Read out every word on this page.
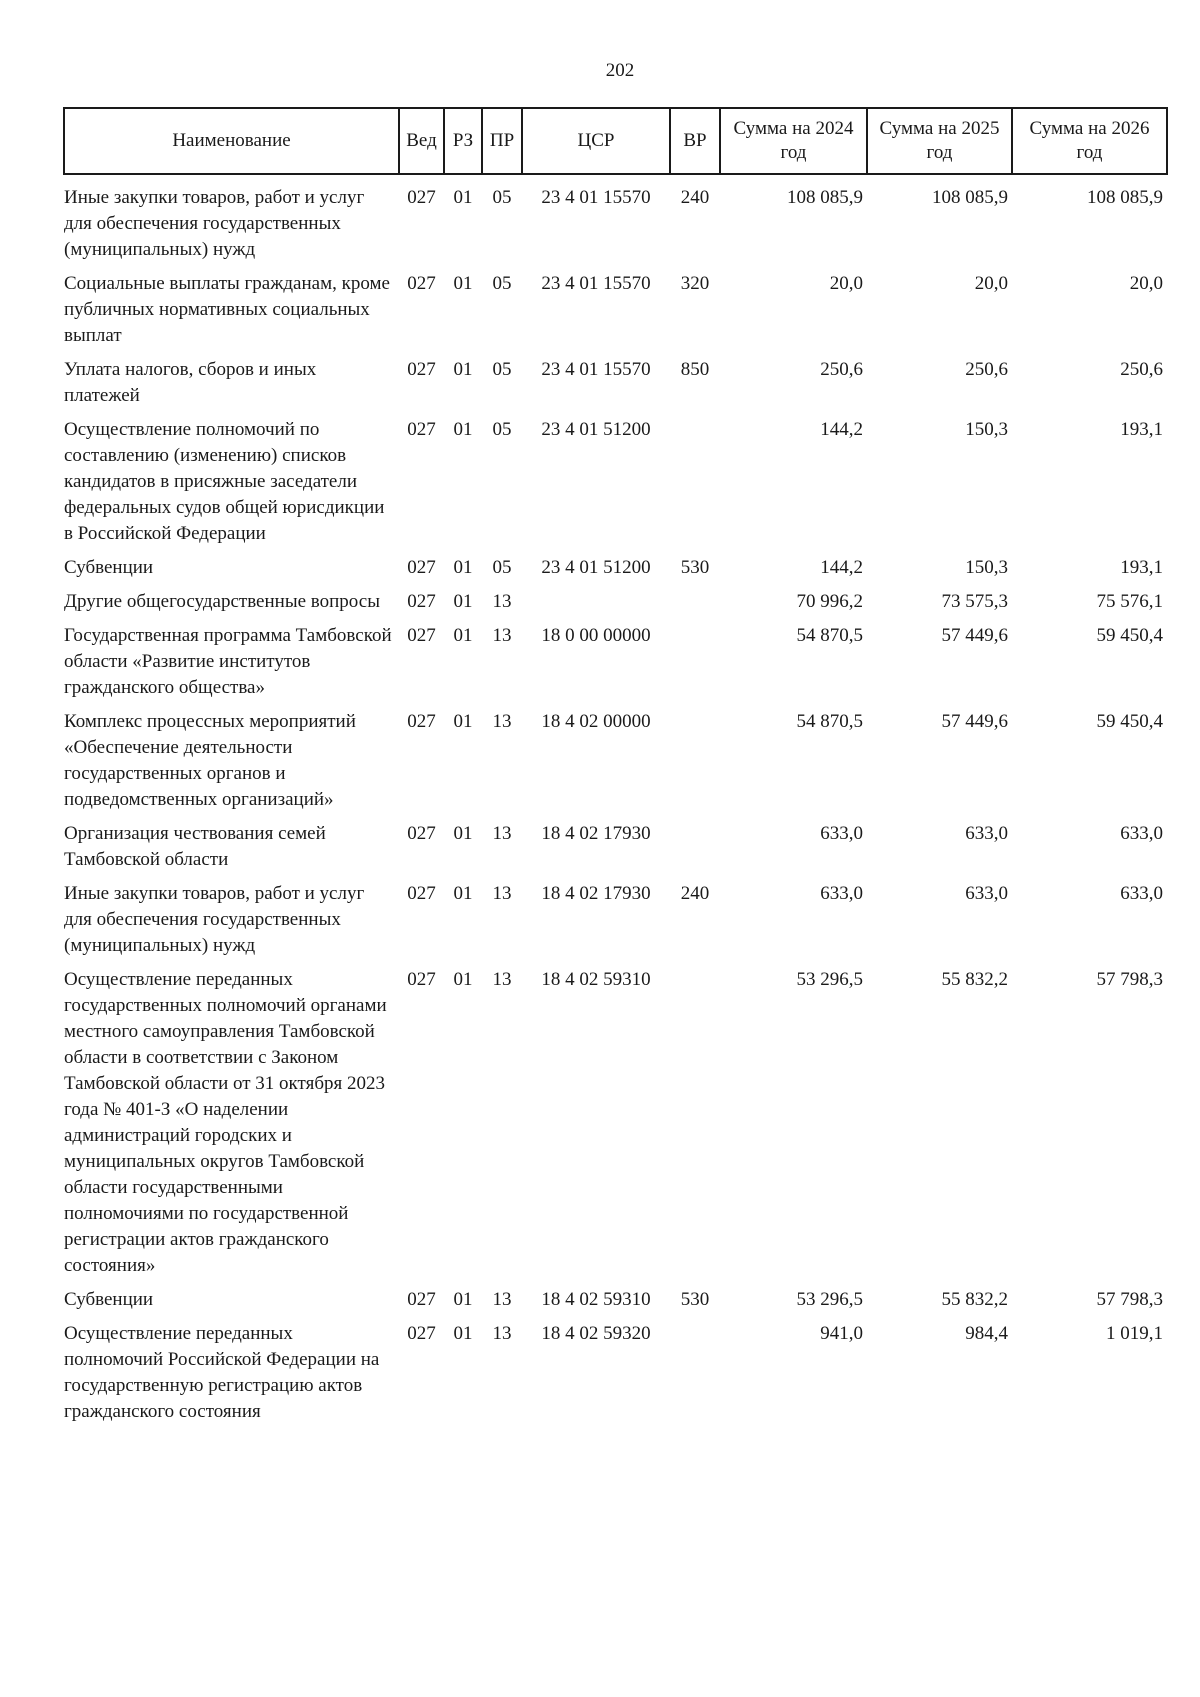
202
Наименование	Вед	РЗ	ПР	ЦСР	ВР	Сумма на 2024 год	Сумма на 2025 год	Сумма на 2026 год
Иные закупки товаров, работ и услуг для обеспечения государственных (муниципальных) нужд	027	01	05	23 4 01 15570	240	108 085,9	108 085,9	108 085,9
Социальные выплаты гражданам, кроме публичных нормативных социальных выплат	027	01	05	23 4 01 15570	320	20,0	20,0	20,0
Уплата налогов, сборов и иных платежей	027	01	05	23 4 01 15570	850	250,6	250,6	250,6
Осуществление полномочий по составлению (изменению) списков кандидатов в присяжные заседатели федеральных судов общей юрисдикции в Российской Федерации	027	01	05	23 4 01 51200		144,2	150,3	193,1
Субвенции	027	01	05	23 4 01 51200	530	144,2	150,3	193,1
Другие общегосударственные вопросы	027	01	13			70 996,2	73 575,3	75 576,1
Государственная программа Тамбовской области «Развитие институтов гражданского общества»	027	01	13	18 0 00 00000		54 870,5	57 449,6	59 450,4
Комплекс процессных мероприятий «Обеспечение деятельности государственных органов и подведомственных организаций»	027	01	13	18 4 02 00000		54 870,5	57 449,6	59 450,4
Организация чествования семей Тамбовской области	027	01	13	18 4 02 17930		633,0	633,0	633,0
Иные закупки товаров, работ и услуг для обеспечения государственных (муниципальных) нужд	027	01	13	18 4 02 17930	240	633,0	633,0	633,0
Осуществление переданных государственных полномочий органами местного самоуправления Тамбовской области в соответствии с Законом Тамбовской области от 31 октября 2023 года № 401-З «О наделении администраций городских и муниципальных округов Тамбовской области государственными полномочиями по государственной регистрации актов гражданского состояния»	027	01	13	18 4 02 59310		53 296,5	55 832,2	57 798,3
Субвенции	027	01	13	18 4 02 59310	530	53 296,5	55 832,2	57 798,3
Осуществление переданных полномочий Российской Федерации на государственную регистрацию актов гражданского состояния	027	01	13	18 4 02 59320		941,0	984,4	1 019,1
